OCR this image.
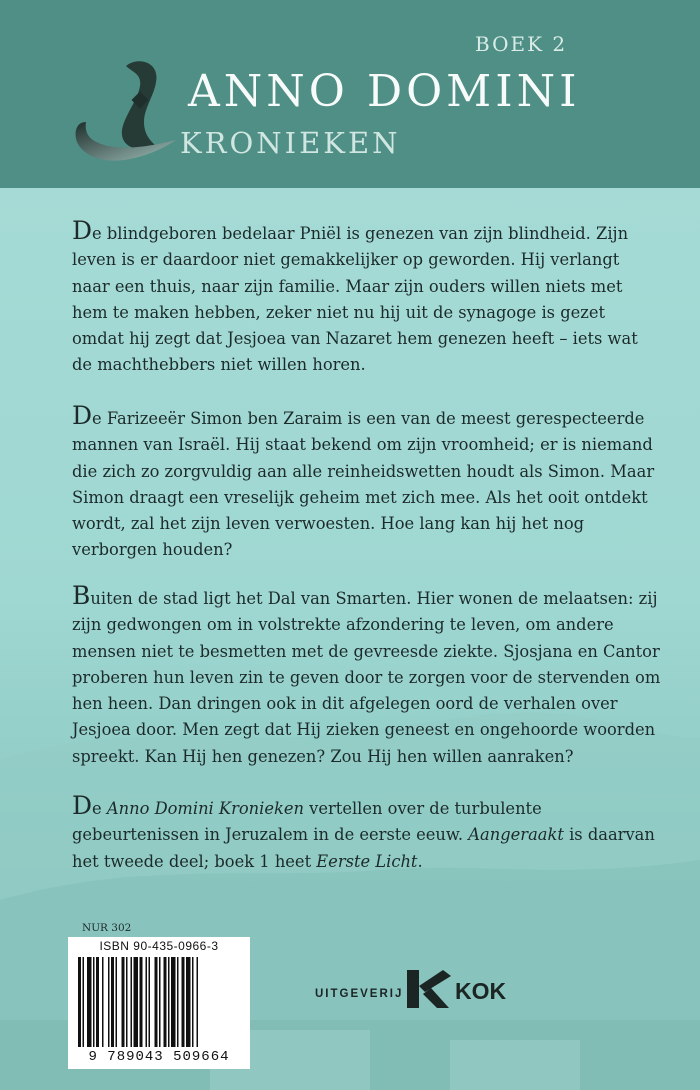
BOEK 2
ANNO DOMINI
KRONIEKEN

De blindgeboren bedelaar Pniël is genezen van zijn blindheid. Zijn leven is er daardoor niet gemakkelijker op geworden. Hij verlangt naar een thuis, naar zijn familie. Maar zijn ouders willen niets met hem te maken hebben, zeker niet nu hij uit de synagoge is gezet omdat hij zegt dat Jesjoea van Nazaret hem genezen heeft – iets wat de machthebbers niet willen horen.

De Farizeeër Simon ben Zaraim is een van de meest gerespecteerde mannen van Israël. Hij staat bekend om zijn vroomheid; er is niemand die zich zo zorgvuldig aan alle reinheidswetten houdt als Simon. Maar Simon draagt een vreselijk geheim met zich mee. Als het ooit ontdekt wordt, zal het zijn leven verwoesten. Hoe lang kan hij het nog verborgen houden?

Buiten de stad ligt het Dal van Smarten. Hier wonen de melaatsen: zij zijn gedwongen om in volstrekte afzondering te leven, om andere mensen niet te besmetten met de gevreesde ziekte. Sjosjana en Cantor proberen hun leven zin te geven door te zorgen voor de stervenden om hen heen. Dan dringen ook in dit afgelegen oord de verhalen over Jesjoea door. Men zegt dat Hij zieken geneest en ongehoorde woorden spreekt. Kan Hij hen genezen? Zou Hij hen willen aanraken?

De Anno Domini Kronieken vertellen over de turbulente gebeurtenissen in Jeruzalem in de eerste eeuw. Aangeraakt is daarvan het tweede deel; boek 1 heet Eerste Licht.

NUR 302
ISBN 90-435-0966-3
9 789043 509664
UITGEVERIJ KOK
